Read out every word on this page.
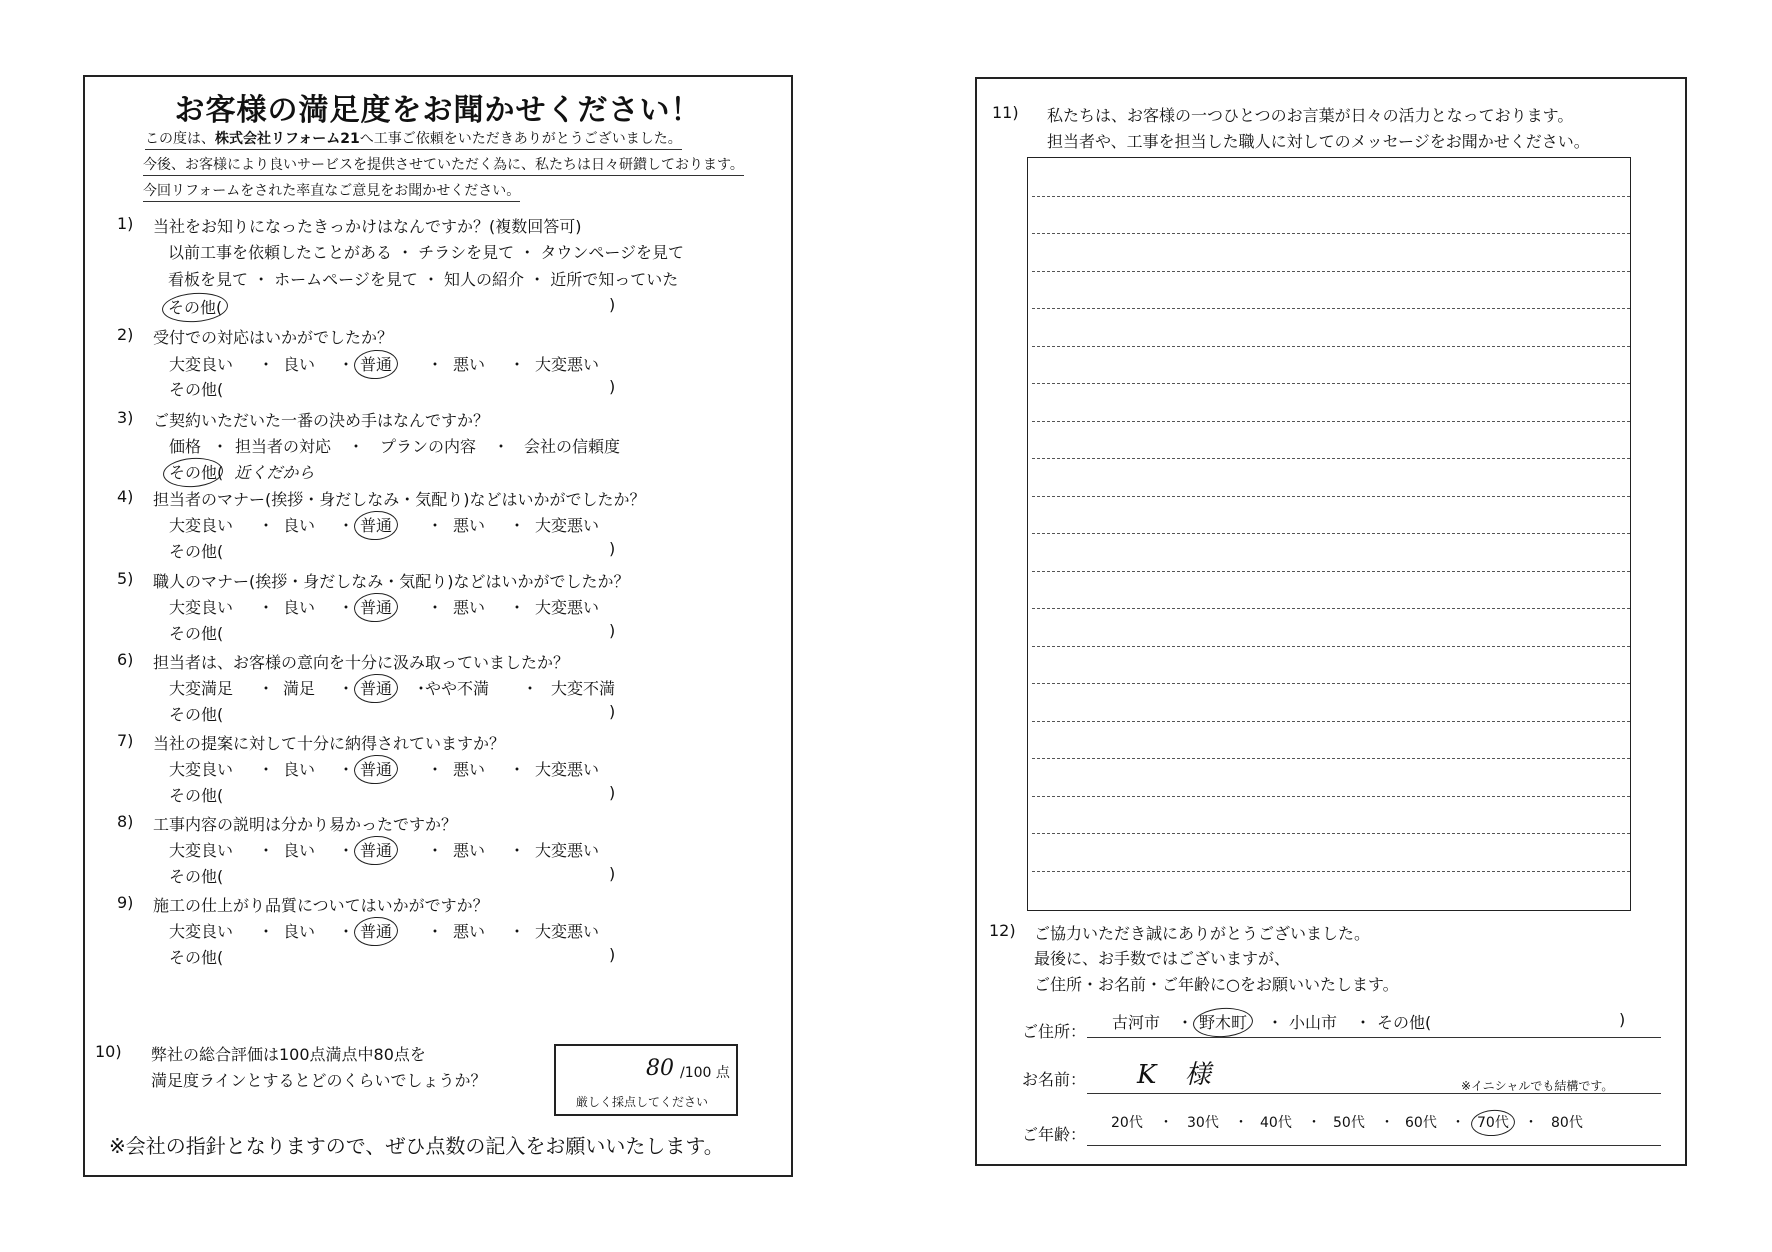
お客様の満足度をお聞かせください！
この度は、株式会社リフォーム21へ工事ご依頼をいただきありがとうございました。
今後、お客様により良いサービスを提供させていただく為に、私たちは日々研鑚しております。
今回リフォームをされた率直なご意見をお聞かせください。
1) 当社をお知りになったきっかけはなんですか？(複数回答可)
以前工事を依頼したことがある ・ チラシを見て ・ タウンページを見て
看板を見て ・ ホームページを見て ・ 知人の紹介 ・ 近所で知っていた
その他(	)
2) 受付での対応はいかがでしたか？
大変良い ・ 良い ・ 普通 ・ 悪い ・ 大変悪い
その他(	)
3) ご契約いただいた一番の決め手はなんですか？
価格 ・ 担当者の対応 ・ プランの内容 ・ 会社の信頼度
その他( 近くだから
4) 担当者のマナー(挨拶・身だしなみ・気配り)などはいかがでしたか？
大変良い ・ 良い ・ 普通 ・ 悪い ・ 大変悪い
その他(	)
5) 職人のマナー(挨拶・身だしなみ・気配り)などはいかがでしたか？
大変良い ・ 良い ・ 普通 ・ 悪い ・ 大変悪い
その他(	)
6) 担当者は、お客様の意向を十分に汲み取っていましたか？
大変満足 ・ 満足 ・ 普通 ・
やや不満 ・ 大変不満
その他(	)
7) 当社の提案に対して十分に納得されていますか？
大変良い ・ 良い ・ 普通 ・ 悪い ・ 大変悪い
その他(	)
8) 工事内容の説明は分かり易かったですか？
大変良い ・ 良い ・ 普通 ・ 悪い ・ 大変悪い
その他(	)
9) 施工の仕上がり品質についてはいかがですか？
大変良い ・ 良い ・ 普通 ・ 悪い ・ 大変悪い
その他(	)
10) 弊社の総合評価は100点満点中80点を
満足度ラインとするとどのくらいでしょうか？	80 /100 点
厳しく採点してください
※会社の指針となりますので、ぜひ点数の記入をお願いいたします。
11) 私たちは、お客様の一つひとつのお言葉が日々の活力となっております。
担当者や、工事を担当した職人に対してのメッセージをお聞かせください。
12) ご協力いただき誠にありがとうございました。
最後に、お手数ではございますが、
ご住所・お名前・ご年齢に○をお願いいたします。
ご住所： 古河市 ・ 野木町 ・ 小山市 ・ その他(	)
お名前： K 様	※イニシャルでも結構です。
ご年齢：
20代 ・ 30代 ・ 40代 ・ 50代 ・ 60代 ・ 70代 ・ 80代
